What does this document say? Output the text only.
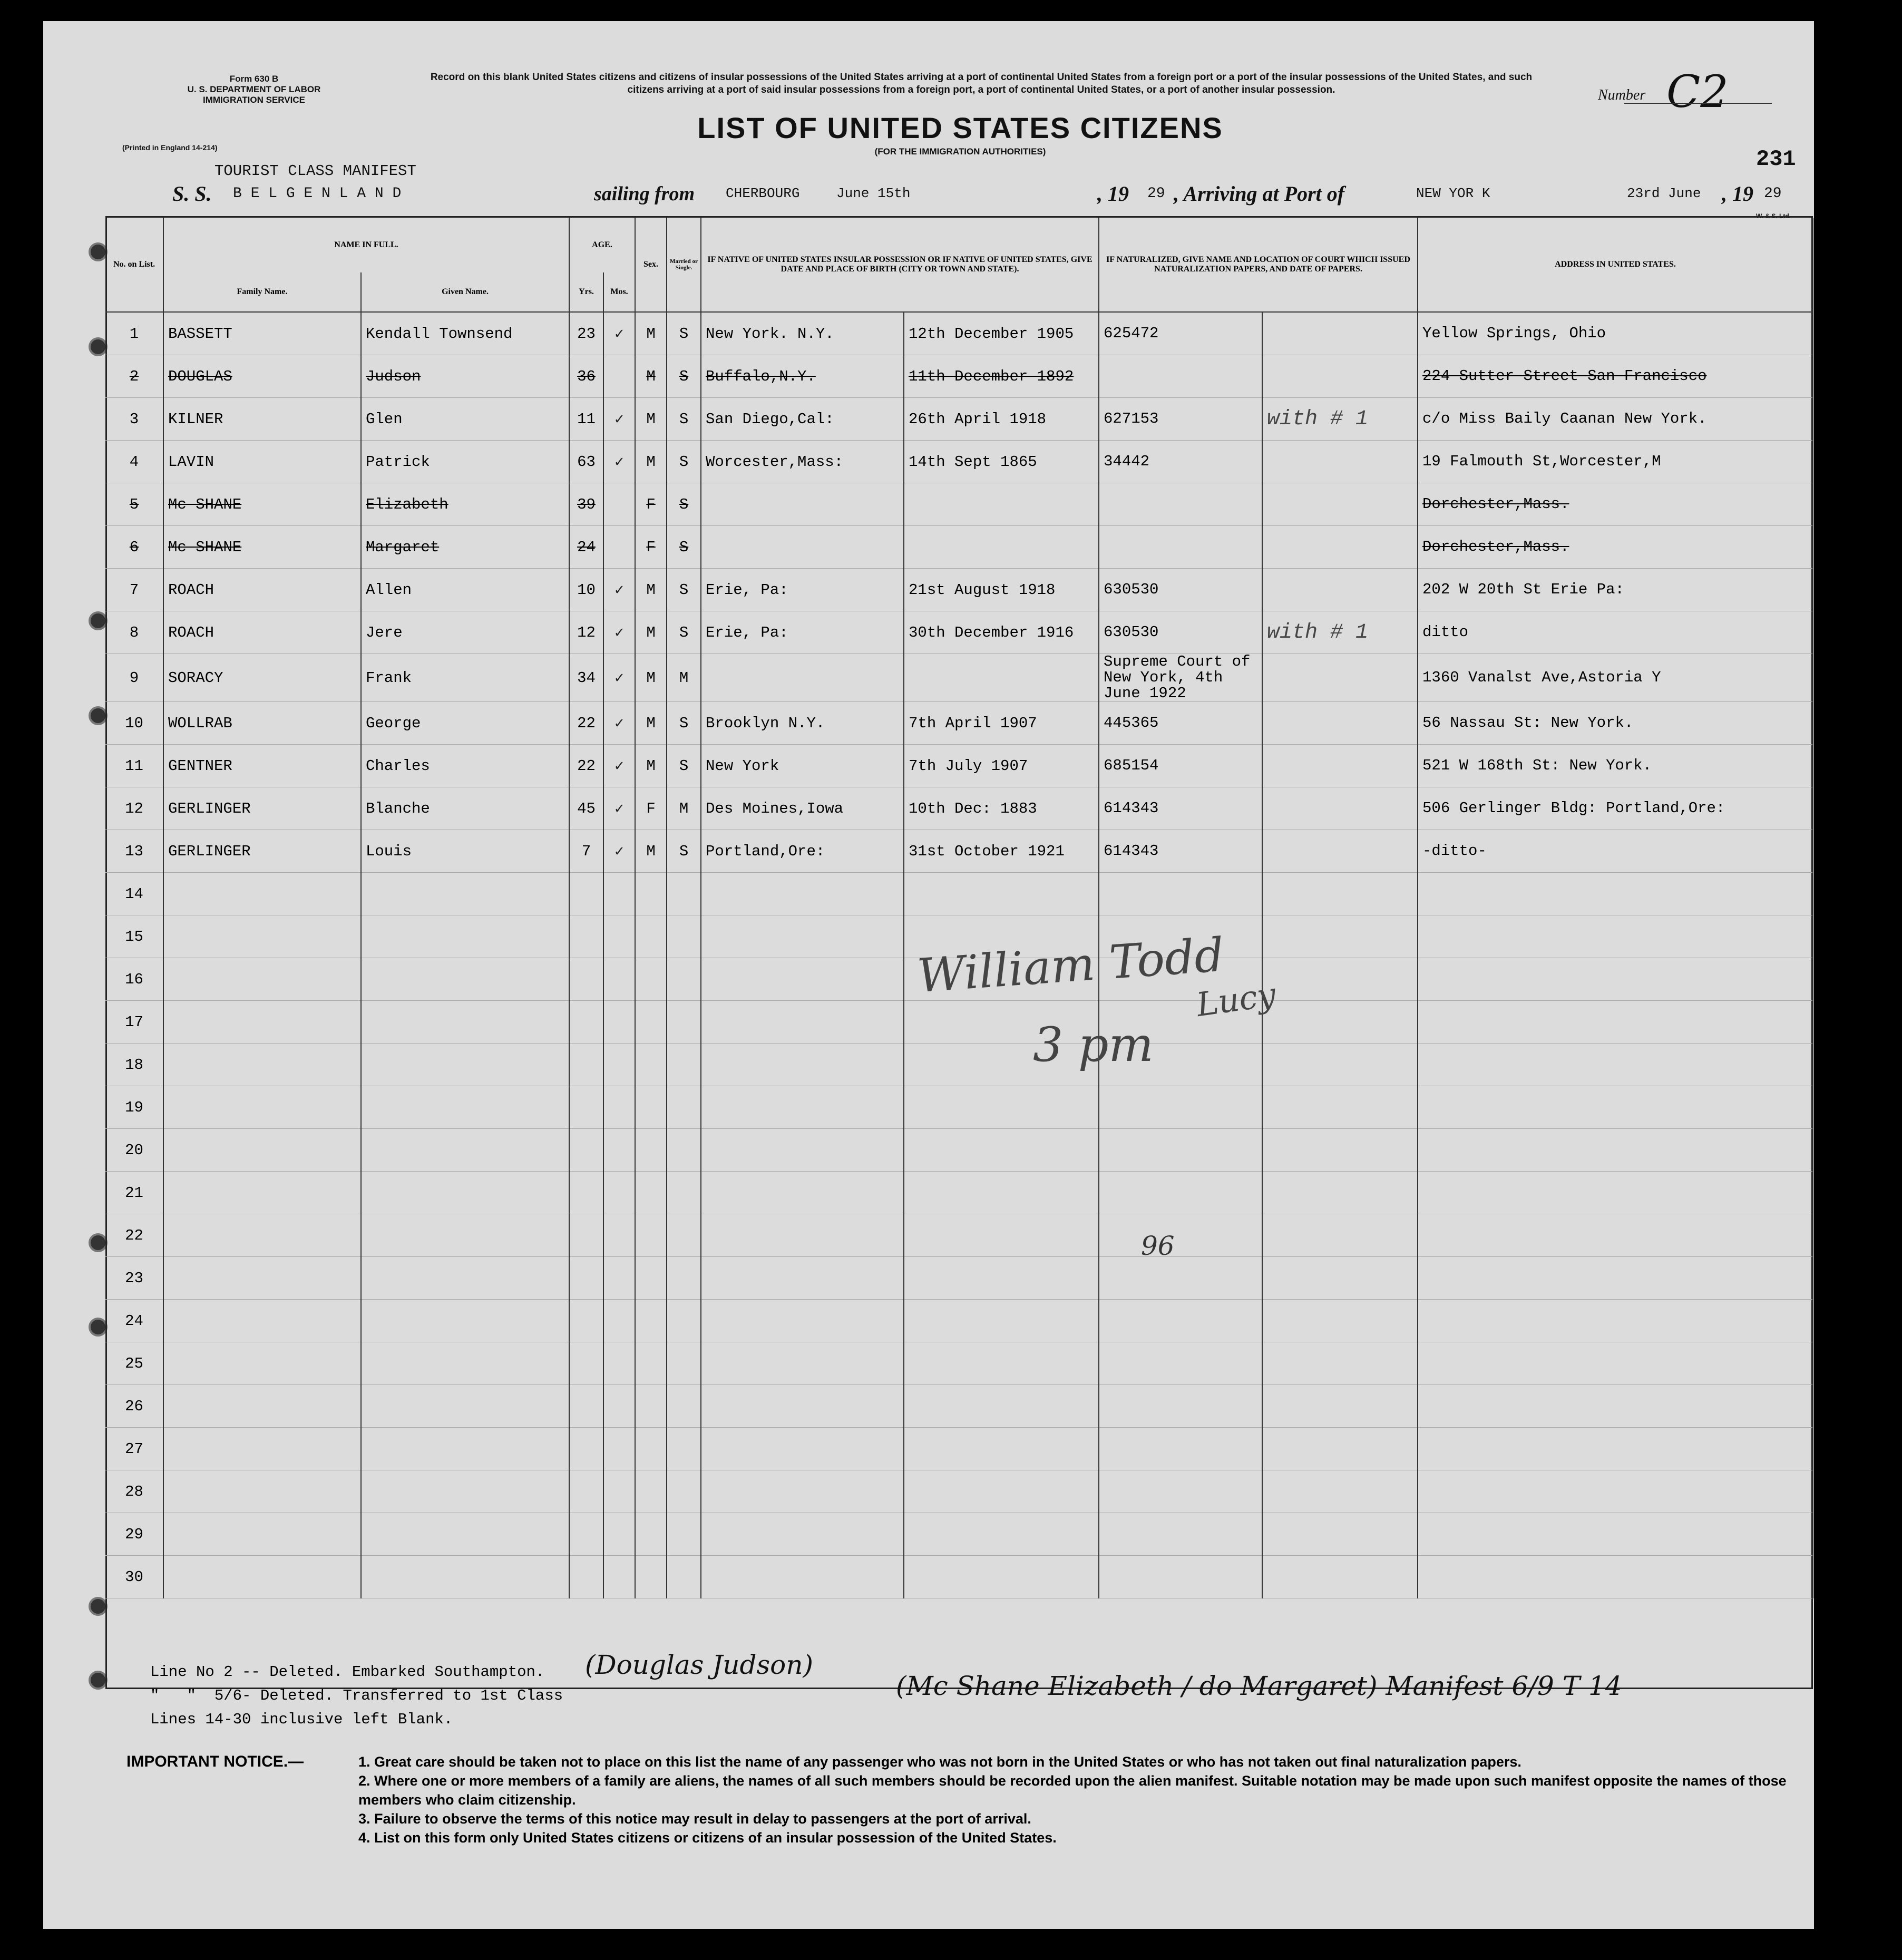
Form 630 B
U. S. DEPARTMENT OF LABOR
IMMIGRATION SERVICE
(Printed in England 14-214)
Record on this blank United States citizens and citizens of insular possessions of the United States arriving at a port of continental United States from a foreign port or a port of the insular possessions of the United States, and such citizens arriving at a port of said insular possessions from a foreign port, a port of continental United States, or a port of another insular possession.	Number C2
LIST OF UNITED STATES CITIZENS
(FOR THE IMMIGRATION AUTHORITIES)	231
TOURIST CLASS MANIFEST
S. S. B E L G E N L A N D	sailing from CHERBOURG	June 15th	, 19 29 , Arriving at Port of	NEW YOR K	23rd June , 19 29
W. & S. Ltd.
No. on List.	NAME IN FULL.		AGE.		Sex.	Married or Single.	IF NATIVE OF UNITED STATES INSULAR POSSESSION OR IF NATIVE OF UNITED STATES, GIVE DATE AND PLACE OF BIRTH (CITY OR TOWN AND STATE).		IF NATURALIZED, GIVE NAME AND LOCATION OF COURT WHICH ISSUED NATURALIZATION PAPERS, AND DATE OF PAPERS.		ADDRESS IN UNITED STATES.
	Family Name.	Given Name.	Yrs.	Mos.							
1	BASSETT	Kendall Townsend	23	✓	M	S	New York. N.Y.	12th December 1905	625472		Yellow Springs, Ohio
2	DOUGLAS	Judson	36		M	S	Buffalo,N.Y.	11th December 1892			224 Sutter Street San Francisco
3	KILNER	Glen	11	✓	M	S	San Diego,Cal:	26th April 1918	627153	with # 1	c/o Miss Baily Caanan New York.
4	LAVIN	Patrick	63	✓	M	S	Worcester,Mass:	14th Sept 1865	34442		19 Falmouth St,Worcester,M
5	Mc SHANE	Elizabeth	39		F	S					Dorchester,Mass.
6	Mc SHANE	Margaret	24		F	S					Dorchester,Mass.
7	ROACH	Allen	10	✓	M	S	Erie, Pa:	21st August 1918	630530		202 W 20th St Erie Pa:
8	ROACH	Jere	12	✓	M	S	Erie, Pa:	30th December 1916	630530	with # 1	ditto
9	SORACY	Frank	34	✓	M	M			Supreme Court of New York, 4th June 1922		1360 Vanalst Ave,Astoria Y
10	WOLLRAB	George	22	✓	M	S	Brooklyn N.Y.	7th April 1907	445365		56 Nassau St: New York.
11	GENTNER	Charles	22	✓	M	S	New York	7th July 1907	685154		521 W 168th St: New York.
12	GERLINGER	Blanche	45	✓	F	M	Des Moines,Iowa	10th Dec: 1883	614343		506 Gerlinger Bldg: Portland,Ore:
13	GERLINGER	Louis	7	✓	M	S	Portland,Ore:	31st October 1921	614343		-ditto-
14											
15											
16											
17											
18											
19											
20											
21											
22											
23											
24											
25											
26											
27											
28											
29											
30											
William Todd
3 pm
Lucy
96
Line No 2 -- Deleted. Embarked Southampton.
"   "  5/6- Deleted. Transferred to 1st Class
Lines 14-30 inclusive left Blank.
(Douglas Judson)
(Mc Shane Elizabeth / do Margaret) Manifest 6/9 T 14
IMPORTANT NOTICE.—	1. Great care should be taken not to place on this list the name of any passenger who was not born in the United States or who has not taken out final naturalization papers.
2. Where one or more members of a family are aliens, the names of all such members should be recorded upon the alien manifest. Suitable notation may be made upon such manifest opposite the names of those members who claim citizenship.
3. Failure to observe the terms of this notice may result in delay to passengers at the port of arrival.
4. List on this form only United States citizens or citizens of an insular possession of the United States.
